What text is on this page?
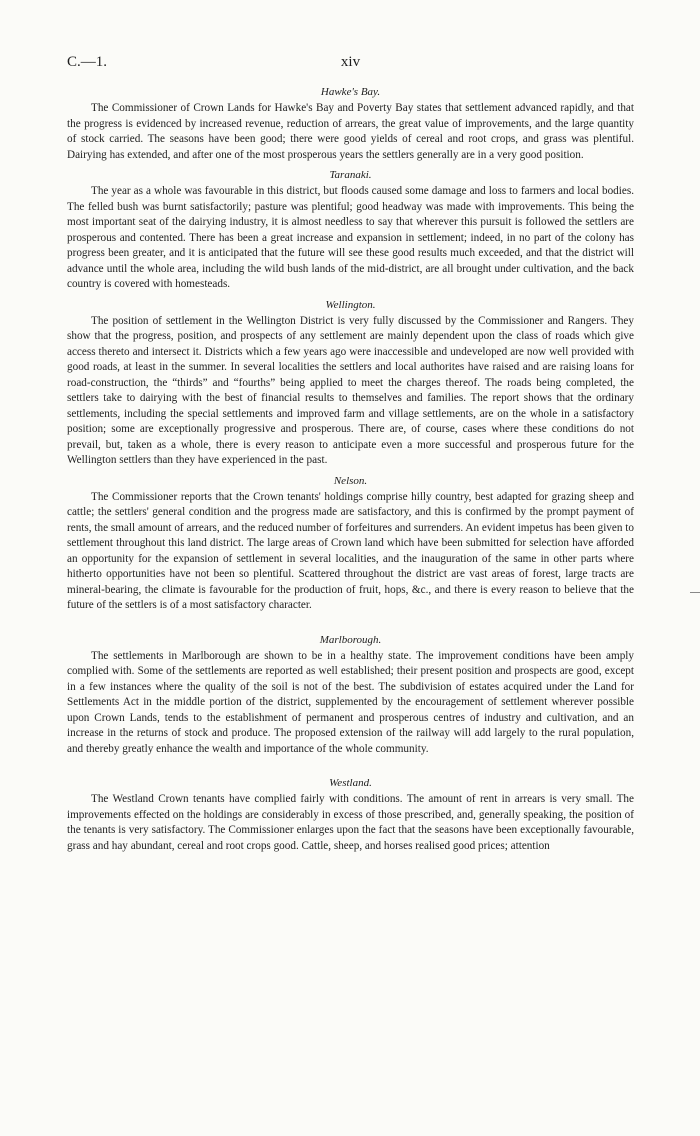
C.—1.	xiv
Hawke's Bay.

The Commissioner of Crown Lands for Hawke's Bay and Poverty Bay states that settlement advanced rapidly, and that the progress is evidenced by increased revenue, reduction of arrears, the great value of improvements, and the large quantity of stock carried. The seasons have been good; there were good yields of cereal and root crops, and grass was plentiful. Dairying has extended, and after one of the most prosperous years the settlers generally are in a very good position.

Taranaki.

The year as a whole was favourable in this district, but floods caused some damage and loss to farmers and local bodies. The felled bush was burnt satisfactorily; pasture was plentiful; good headway was made with improvements. This being the most important seat of the dairying industry, it is almost needless to say that wherever this pursuit is followed the settlers are prosperous and contented. There has been a great increase and expansion in settlement; indeed, in no part of the colony has progress been greater, and it is anticipated that the future will see these good results much exceeded, and that the district will advance until the whole area, including the wild bush lands of the mid-district, are all brought under cultivation, and the back country is covered with homesteads.

Wellington.

The position of settlement in the Wellington District is very fully discussed by the Commissioner and Rangers. They show that the progress, position, and prospects of any settlement are mainly dependent upon the class of roads which give access thereto and intersect it. Districts which a few years ago were inaccessible and undeveloped are now well provided with good roads, at least in the summer. In several localities the settlers and local authorites have raised and are raising loans for road-construction, the “thirds” and “fourths” being applied to meet the charges thereof. The roads being completed, the settlers take to dairying with the best of financial results to themselves and families. The report shows that the ordinary settlements, including the special settlements and improved farm and village settlements, are on the whole in a satisfactory position; some are exceptionally progressive and prosperous. There are, of course, cases where these conditions do not prevail, but, taken as a whole, there is every reason to anticipate even a more successful and prosperous future for the Wellington settlers than they have experienced in the past.

Nelson.

The Commissioner reports that the Crown tenants' holdings comprise hilly country, best adapted for grazing sheep and cattle; the settlers' general condition and the progress made are satisfactory, and this is confirmed by the prompt payment of rents, the small amount of arrears, and the reduced number of forfeitures and surrenders. An evident impetus has been given to settlement throughout this land district. The large areas of Crown land which have been submitted for selection have afforded an opportunity for the expansion of settlement in several localities, and the inauguration of the same in other parts where hitherto opportunities have not been so plentiful. Scattered throughout the district are vast areas of forest, large tracts are mineral-bearing, the climate is favourable for the production of fruit, hops, &c., and there is every reason to believe that the future of the settlers is of a most satisfactory character.

Marlborough.

The settlements in Marlborough are shown to be in a healthy state. The improvement conditions have been amply complied with. Some of the settlements are reported as well established; their present position and prospects are good, except in a few instances where the quality of the soil is not of the best. The subdivision of estates acquired under the Land for Settlements Act in the middle portion of the district, supplemented by the encouragement of settlement wherever possible upon Crown Lands, tends to the establishment of permanent and prosperous centres of industry and cultivation, and an increase in the returns of stock and produce. The proposed extension of the railway will add largely to the rural population, and thereby greatly enhance the wealth and importance of the whole community.

Westland.

The Westland Crown tenants have complied fairly with conditions. The amount of rent in arrears is very small. The improvements effected on the holdings are considerably in excess of those prescribed, and, generally speaking, the position of the tenants is very satisfactory. The Commissioner enlarges upon the fact that the seasons have been exceptionally favourable, grass and hay abundant, cereal and root crops good. Cattle, sheep, and horses realised good prices; attention
